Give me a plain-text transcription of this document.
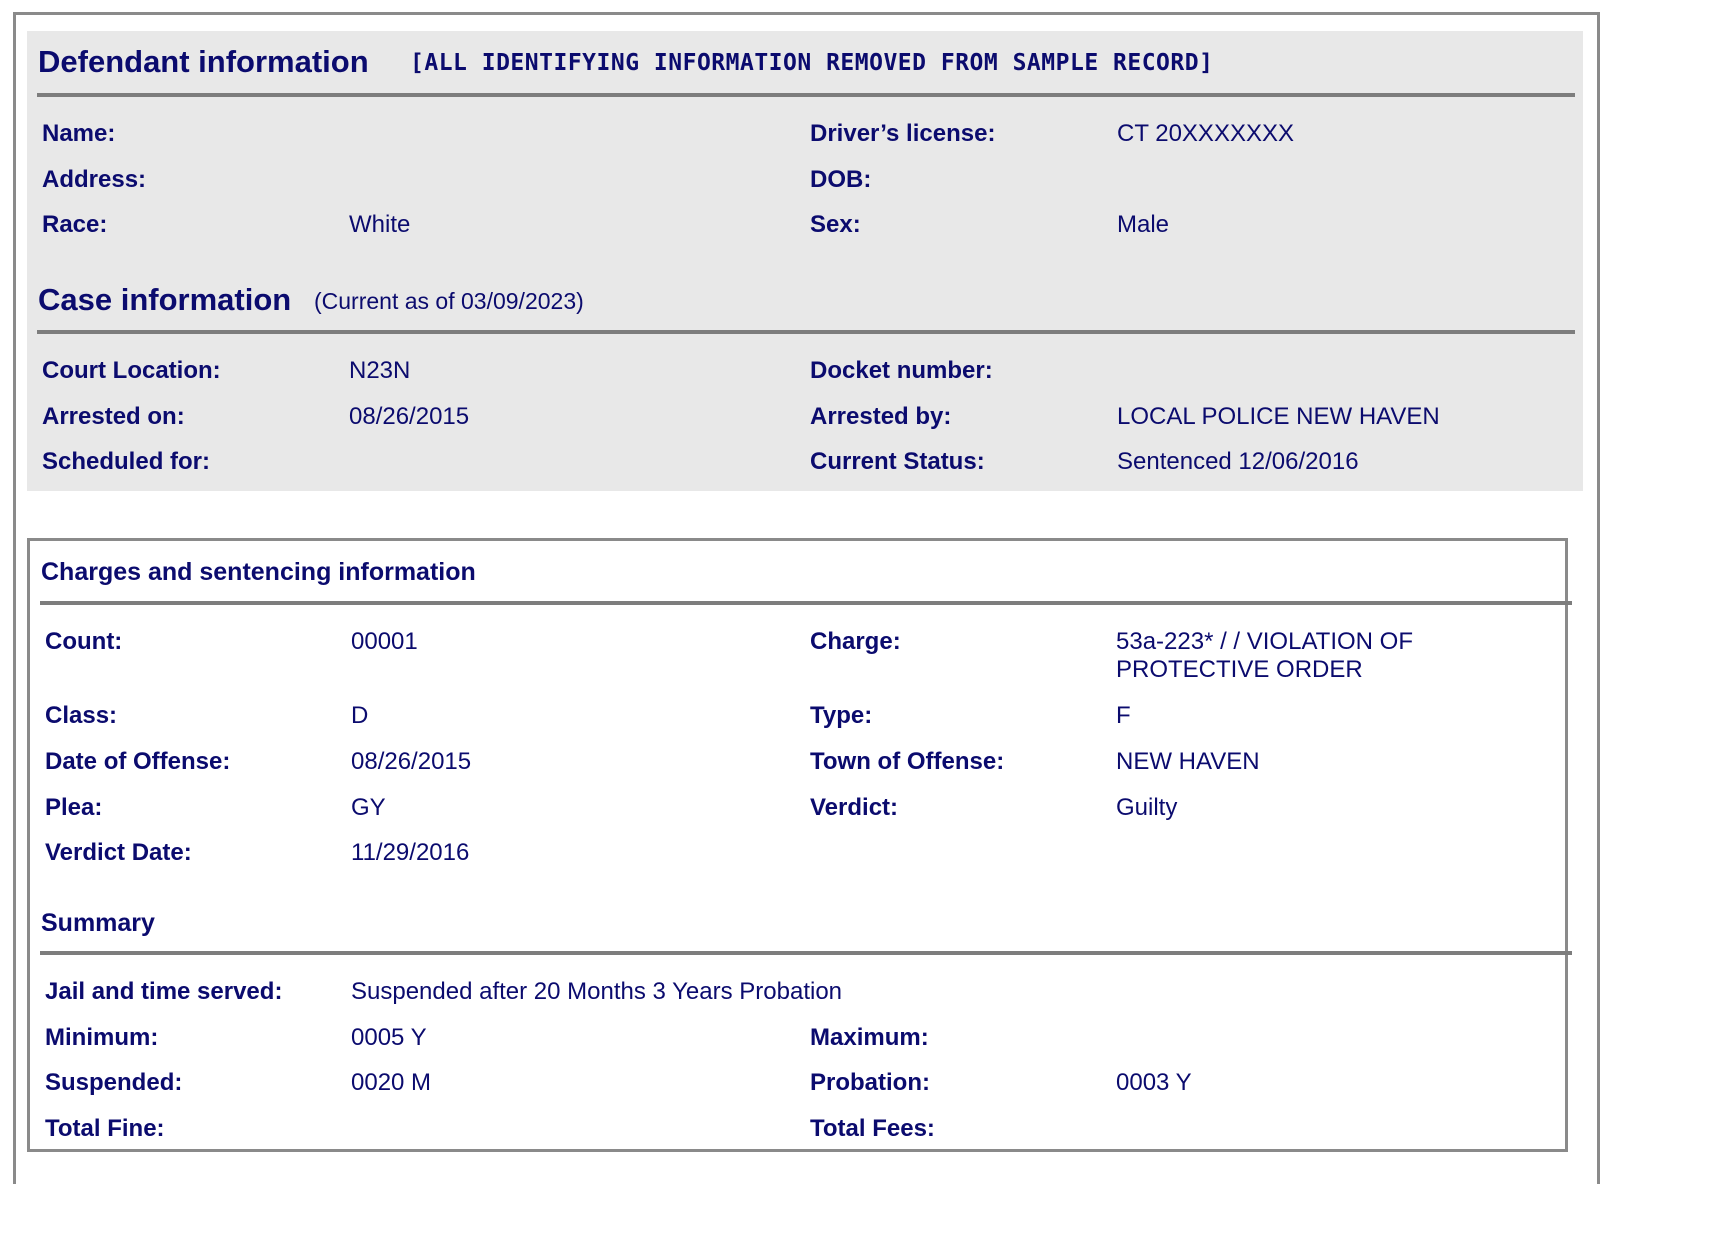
Defendant information [ALL IDENTIFYING INFORMATION REMOVED FROM SAMPLE RECORD]
Name:	Driver’s license:	CT 20XXXXXXX
Address:	DOB:
Race:	White	Sex:	Male
Case information (Current as of 03/09/2023)
Court Location:	N23N	Docket number:
Arrested on:	08/26/2015	Arrested by:	LOCAL POLICE NEW HAVEN
Scheduled for:	Current Status:	Sentenced 12/06/2016
Charges and sentencing information
Count:	00001	Charge:	53a-223* / / VIOLATION OF
PROTECTIVE ORDER
Class:	D	Type:	F
Date of Offense:	08/26/2015	Town of Offense:	NEW HAVEN
Plea:	GY	Verdict:	Guilty
Verdict Date:	11/29/2016
Summary
Jail and time served:	Suspended after 20 Months 3 Years Probation
Minimum:	0005 Y	Maximum:
Suspended:	0020 M	Probation:	0003 Y
Total Fine:	Total Fees:
